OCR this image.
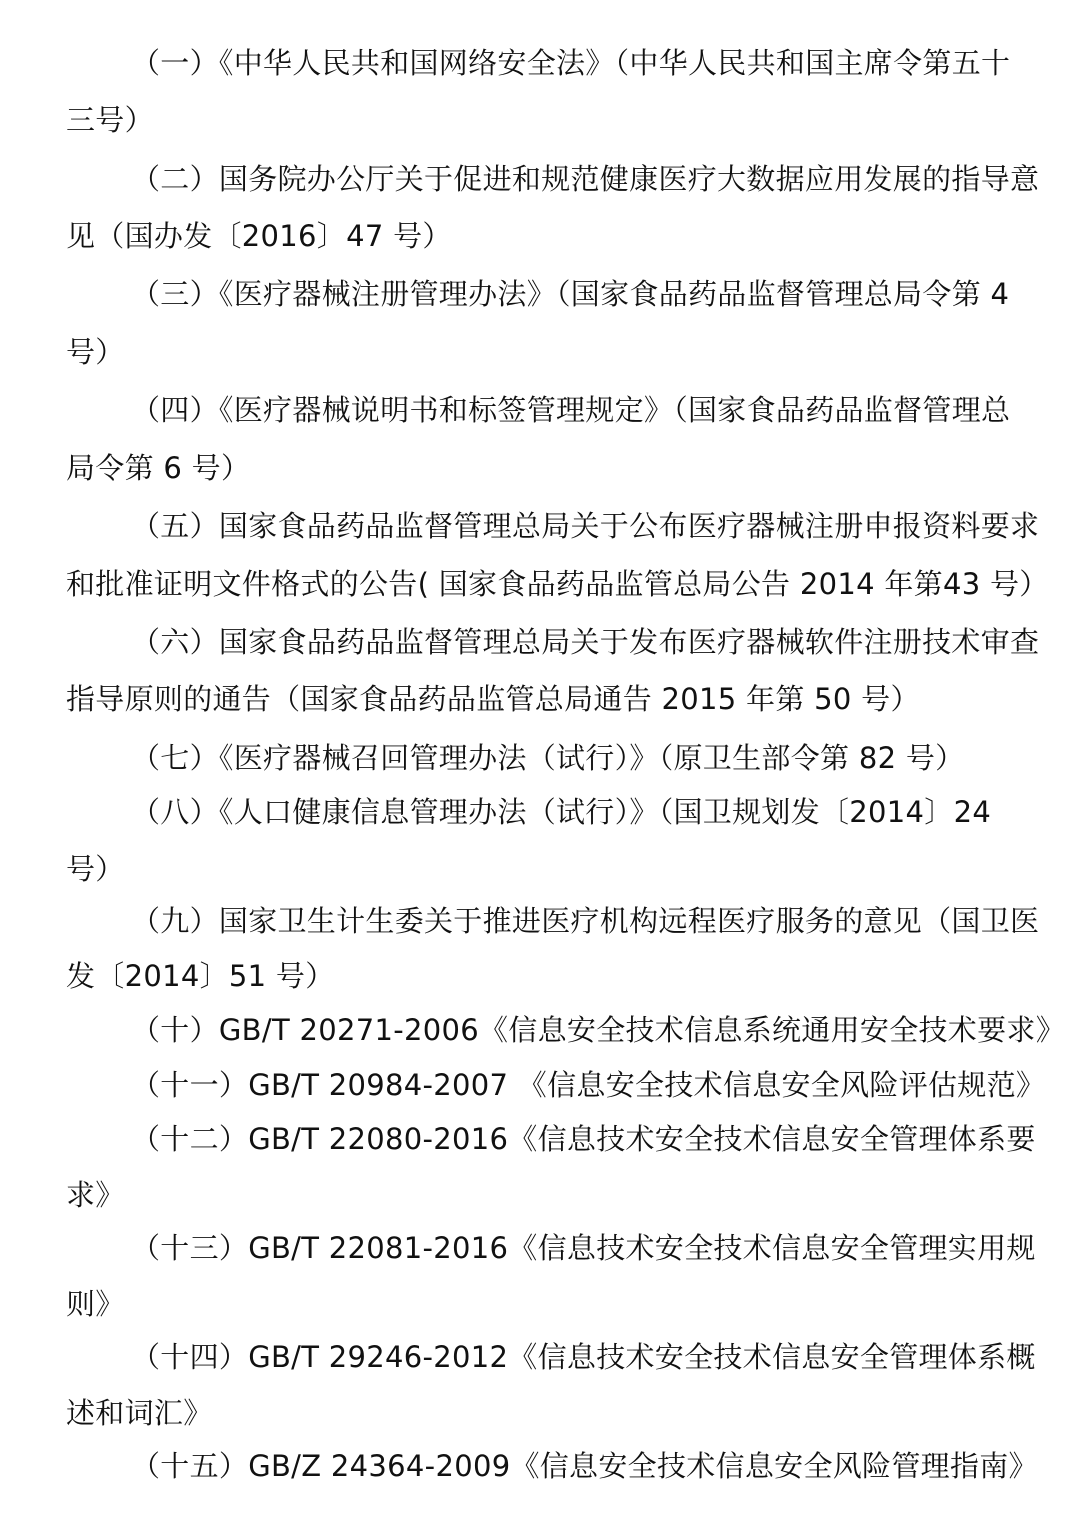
（一）《中华人民共和国网络安全法》（中华人民共和国主席令第五十
三号）
（二）国务院办公厅关于促进和规范健康医疗大数据应用发展的指导意
见（国办发〔2016〕47 号）
（三）《医疗器械注册管理办法》（国家食品药品监督管理总局令第 4
号）
（四）《医疗器械说明书和标签管理规定》（国家食品药品监督管理总
局令第 6 号）
（五）国家食品药品监督管理总局关于公布医疗器械注册申报资料要求
和批准证明文件格式的公告( 国家食品药品监管总局公告 2014 年第43 号）
（六）国家食品药品监督管理总局关于发布医疗器械软件注册技术审查
指导原则的通告（国家食品药品监管总局通告 2015 年第 50 号）
（七）《医疗器械召回管理办法（试行）》（原卫生部令第 82 号）
（八）《人口健康信息管理办法（试行）》（国卫规划发〔2014〕24
号）
（九）国家卫生计生委关于推进医疗机构远程医疗服务的意见（国卫医
发〔2014〕51 号）
（十）GB/T 20271-2006《信息安全技术信息系统通用安全技术要求》
（十一）GB/T 20984-2007 《信息安全技术信息安全风险评估规范》
（十二）GB/T 22080-2016《信息技术安全技术信息安全管理体系要
求》
（十三）GB/T 22081-2016《信息技术安全技术信息安全管理实用规
则》
（十四）GB/T 29246-2012《信息技术安全技术信息安全管理体系概
述和词汇》
（十五）GB/Z 24364-2009《信息安全技术信息安全风险管理指南》
